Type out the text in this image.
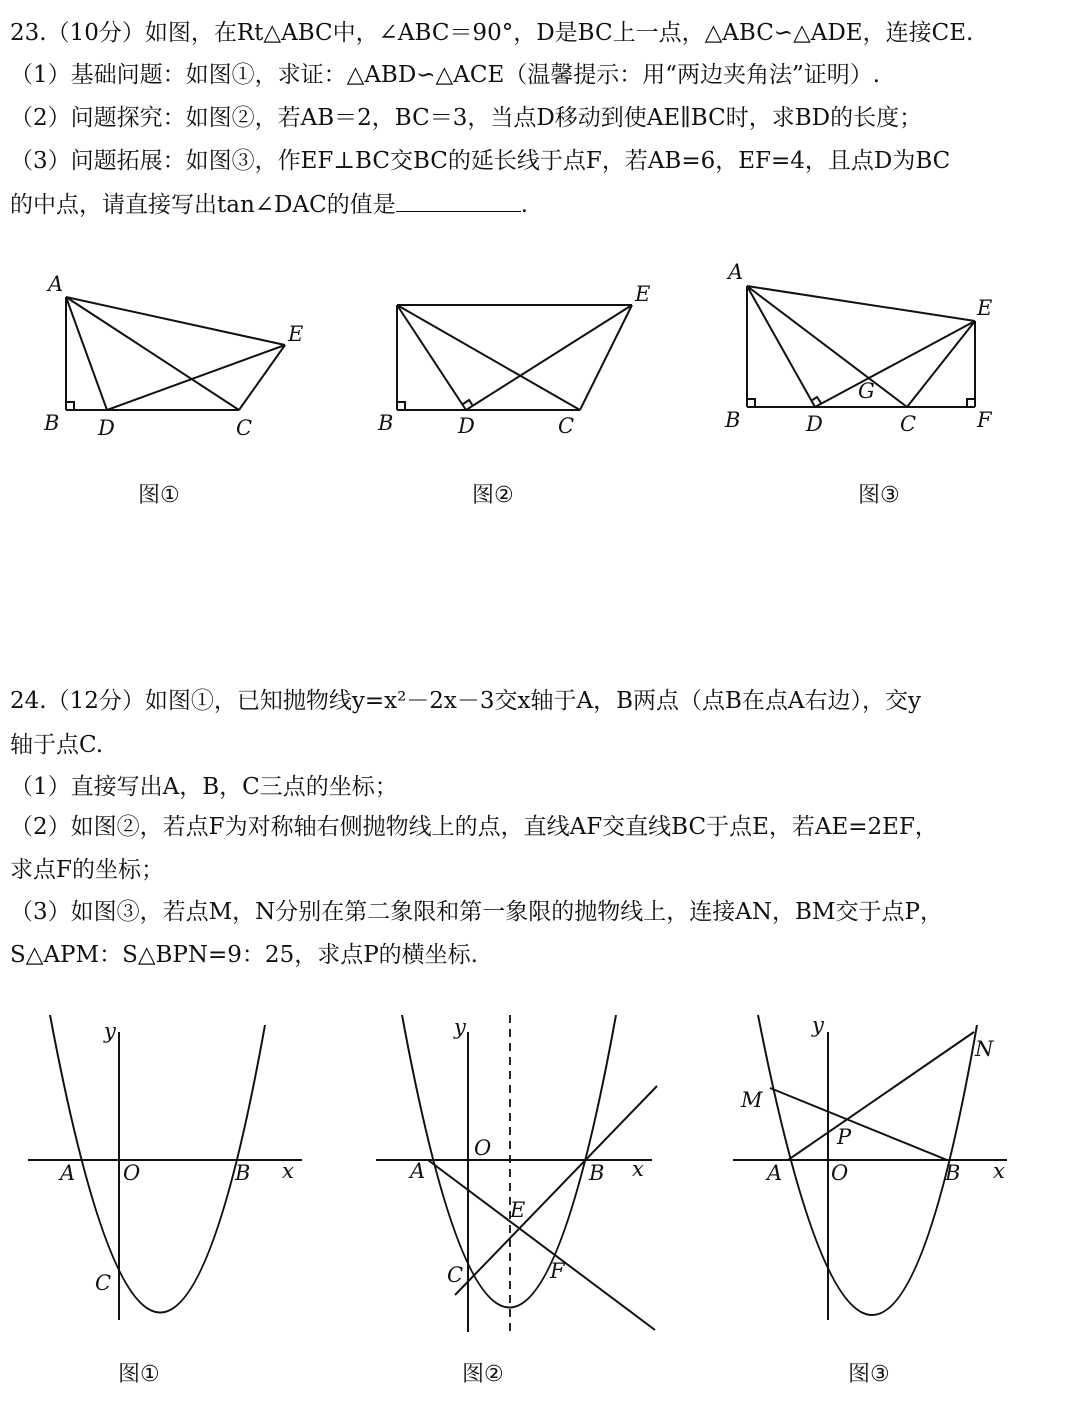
23.（10分）如图，在Rt△ABC中，∠ABC＝90°，D是BC上一点，△ABC∽△ADE，连接CE.
（1）基础问题：如图①，求证：△ABD∽△ACE（温馨提示：用“两边夹角法”证明）.
（2）问题探究：如图②，若AB＝2，BC＝3，当点D移动到使AE∥BC时，求BD的长度；
（3）问题拓展：如图③，作EF⊥BC交BC的延长线于点F，若AB=6，EF=4，且点D为BC
的中点，请直接写出tan∠DAC的值是	.
A
B D	C
E
图①
B	D	C
E
图②
A
B	D	C
E
F
G
图③
24.（12分）如图①，已知抛物线y=x²－2x－3交x轴于A，B两点（点B在点A右边），交y
轴于点C.
（1）直接写出A，B，C三点的坐标；
（2）如图②，若点F为对称轴右侧抛物线上的点，直线AF交直线BC于点E，若AE=2EF，
求点F的坐标；
（3）如图③，若点M，N分别在第二象限和第一象限的抛物线上，连接AN，BM交于点P，
S△APM：S△BPN=9：25，求点P的横坐标.
y
A O	B x
C
图①
y
A
O
B x
E
C	F
图②
y
M
N
P
A O	B x
图③
